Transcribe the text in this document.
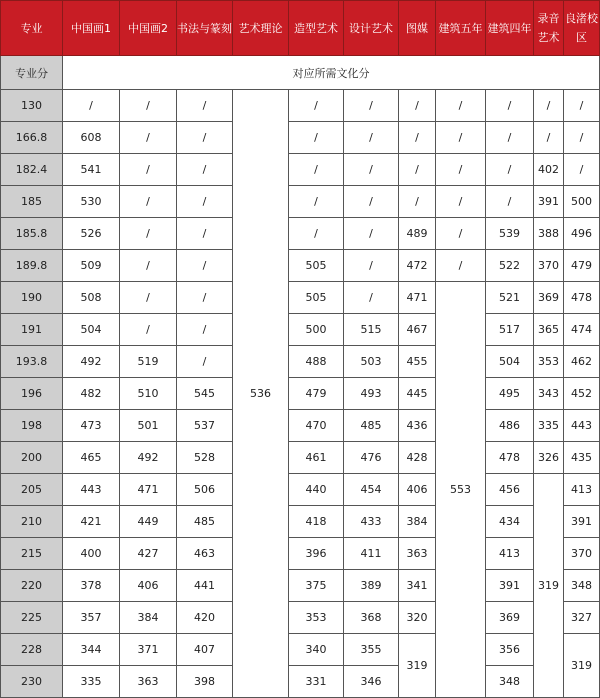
专业	中国画1	中国画2	书法与篆刻	艺术理论	造型艺术	设计艺术	图媒	建筑五年	建筑四年	录音艺术	良渚校区
专业分	对应所需文化分										
130	/	/	/	536	/	/	/	/	/	/	/
166.8	608	/	/		/	/	/	/	/	/	/
182.4	541	/	/		/	/	/	/	/	402	/
185	530	/	/		/	/	/	/	/	391	500
185.8	526	/	/		/	/	489	/	539	388	496
189.8	509	/	/		505	/	472	/	522	370	479
190	508	/	/		505	/	471	553	521	369	478
191	504	/	/		500	515	467		517	365	474
193.8	492	519	/		488	503	455		504	353	462
196	482	510	545		479	493	445		495	343	452
198	473	501	537		470	485	436		486	335	443
200	465	492	528		461	476	428		478	326	435
205	443	471	506		440	454	406		456	319	413
210	421	449	485		418	433	384		434		391
215	400	427	463		396	411	363		413		370
220	378	406	441		375	389	341		391		348
225	357	384	420		353	368	320		369		327
228	344	371	407		340	355	319		356		319
230	335	363	398		331	346			348		
